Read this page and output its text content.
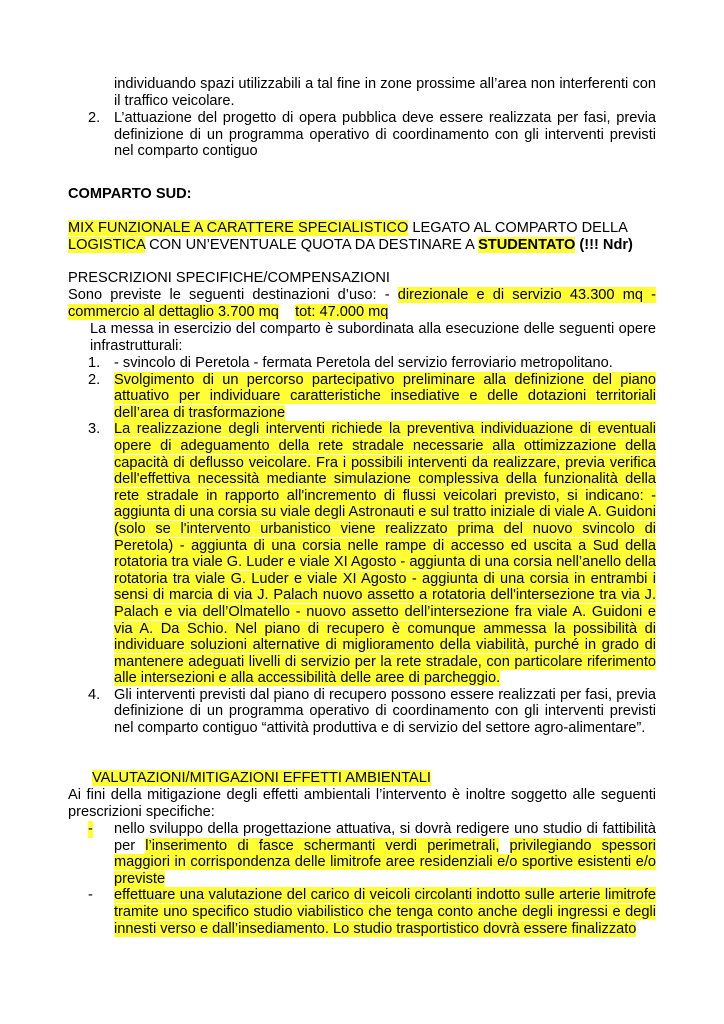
individuando spazi utilizzabili a tal fine in zone prossime all’area non interferenti con il traffico veicolare.

2. L’attuazione del progetto di opera pubblica deve essere realizzata per fasi, previa definizione di un programma operativo di coordinamento con gli interventi previsti nel comparto contiguo

COMPARTO SUD:

MIX FUNZIONALE A CARATTERE SPECIALISTICO LEGATO AL COMPARTO DELLA

LOGISTICA CON UN’EVENTUALE QUOTA DA DESTINARE A STUDENTATO (!!! Ndr)

PRESCRIZIONI SPECIFICHE/COMPENSAZIONI

Sono previste le seguenti destinazioni d’uso: - direzionale e di servizio 43.300 mq - commercio al dettaglio 3.700 mq tot: 47.000 mq

La messa in esercizio del comparto è subordinata alla esecuzione delle seguenti opere infrastrutturali:

1. - svincolo di Peretola - fermata Peretola del servizio ferroviario metropolitano.
2. Svolgimento di un percorso partecipativo preliminare alla definizione del piano attuativo per individuare caratteristiche insediative e delle dotazioni territoriali dell’area di trasformazione
3. La realizzazione degli interventi richiede la preventiva individuazione di eventuali opere di adeguamento della rete stradale necessarie alla ottimizzazione della capacità di deflusso veicolare. Fra i possibili interventi da realizzare, previa verifica dell'effettiva necessità mediante simulazione complessiva della funzionalità della rete stradale in rapporto all'incremento di flussi veicolari previsto, si indicano: - aggiunta di una corsia su viale degli Astronauti e sul tratto iniziale di viale A. Guidoni (solo se l'intervento urbanistico viene realizzato prima del nuovo svincolo di Peretola) - aggiunta di una corsia nelle rampe di accesso ed uscita a Sud della rotatoria tra viale G. Luder e viale XI Agosto - aggiunta di una corsia nell’anello della rotatoria tra viale G. Luder e viale XI Agosto - aggiunta di una corsia in entrambi i sensi di marcia di via J. Palach nuovo assetto a rotatoria dell'intersezione tra via J. Palach e via dell’Olmatello - nuovo assetto dell’intersezione fra viale A. Guidoni e via A. Da Schio. Nel piano di recupero è comunque ammessa la possibilità di individuare soluzioni alternative di miglioramento della viabilità, purché in grado di mantenere adeguati livelli di servizio per la rete stradale, con particolare riferimento alle intersezioni e alla accessibilità delle aree di parcheggio.
4. Gli interventi previsti dal piano di recupero possono essere realizzati per fasi, previa definizione di un programma operativo di coordinamento con gli interventi previsti nel comparto contiguo “attività produttiva e di servizio del settore agro-alimentare”.

VALUTAZIONI/MITIGAZIONI EFFETTI AMBIENTALI

Ai fini della mitigazione degli effetti ambientali l’intervento è inoltre soggetto alle seguenti prescrizioni specifiche:

- nello sviluppo della progettazione attuativa, si dovrà redigere uno studio di fattibilità per l’inserimento di fasce schermanti verdi perimetrali, privilegiando spessori maggiori in corrispondenza delle limitrofe aree residenziali e/o sportive esistenti e/o previste
- effettuare una valutazione del carico di veicoli circolanti indotto sulle arterie limitrofe tramite uno specifico studio viabilistico che tenga conto anche degli ingressi e degli innesti verso e dall’insediamento. Lo studio trasportistico dovrà essere finalizzato
